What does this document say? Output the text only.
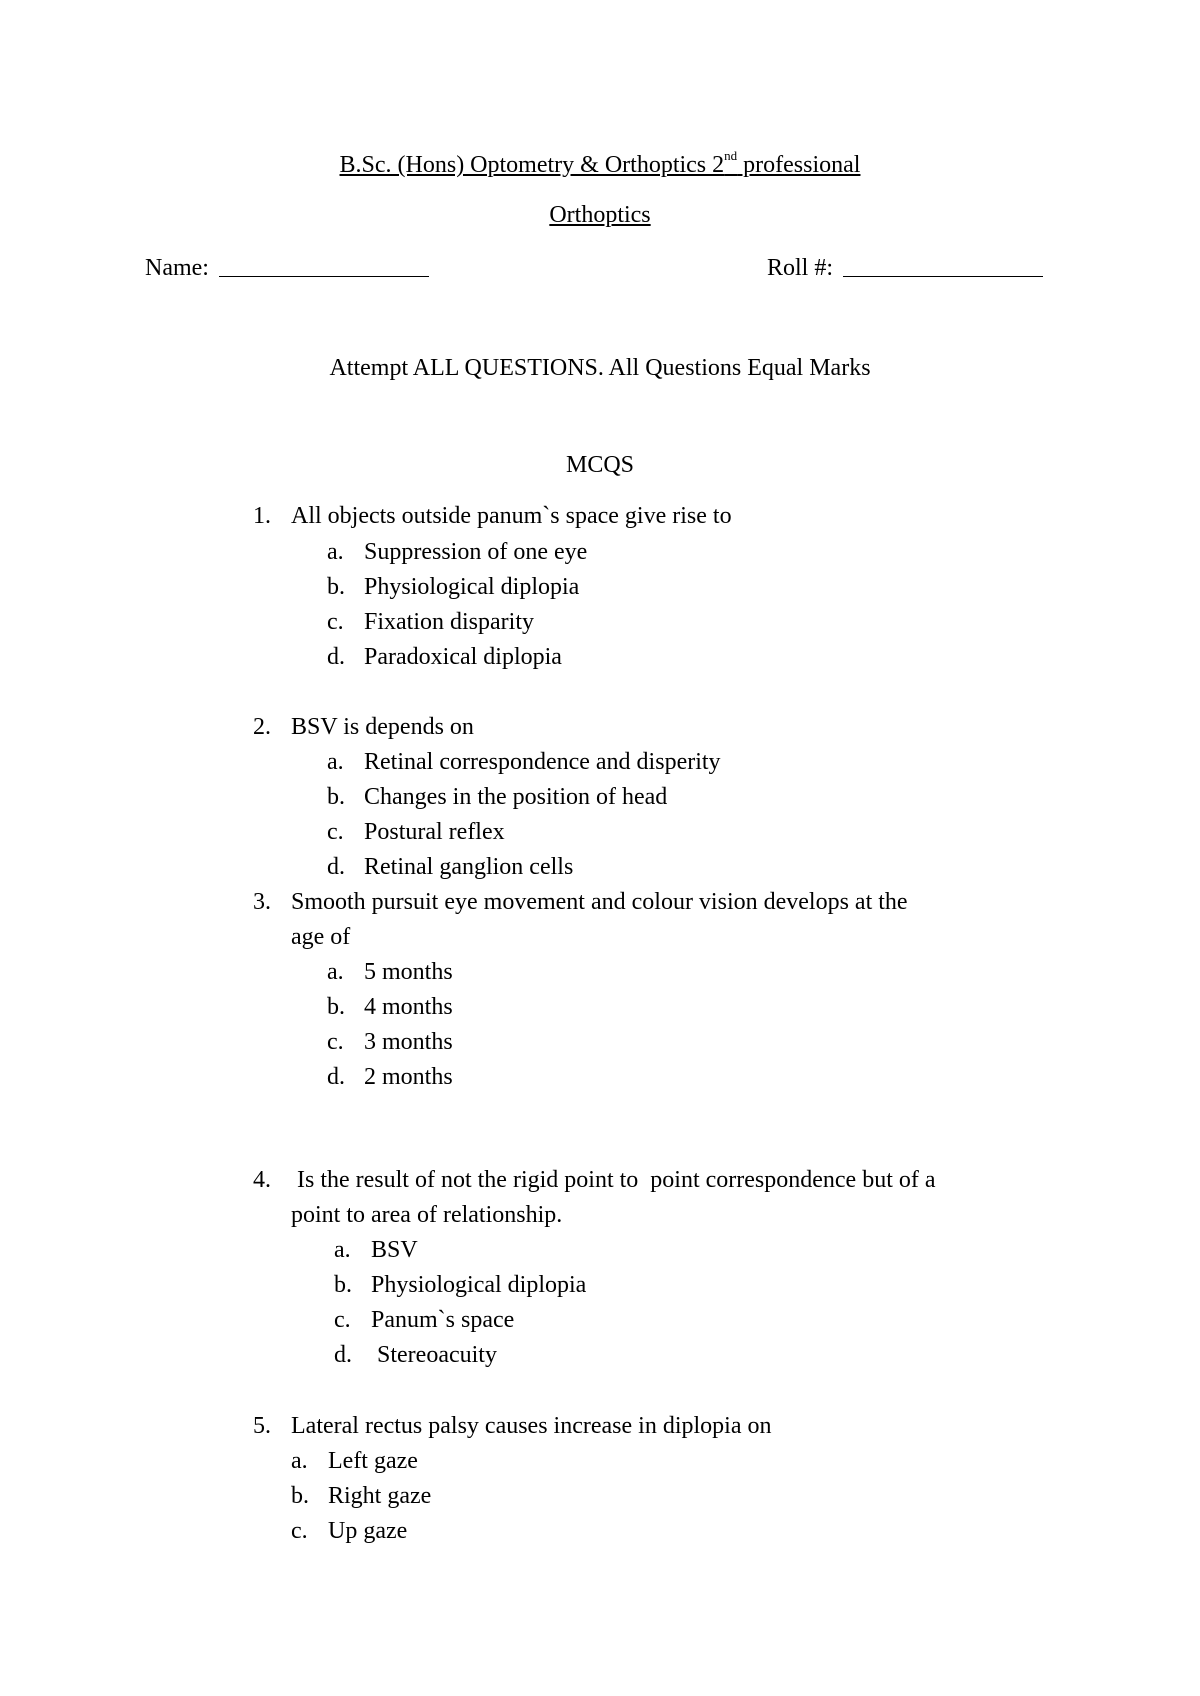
B.Sc. (Hons) Optometry & Orthoptics 2nd professional
Orthoptics
Name:	Roll #:
Attempt ALL QUESTIONS. All Questions Equal Marks
MCQS
1. All objects outside panum`s space give rise to
a. Suppression of one eye
b. Physiological diplopia
c. Fixation disparity
d. Paradoxical diplopia
2. BSV is depends on
a. Retinal correspondence and disperity
b. Changes in the position of head
c. Postural reflex
d. Retinal ganglion cells
3. Smooth pursuit eye movement and colour vision develops at the
age of
a. 5 months
b. 4 months
c. 3 months
d. 2 months
4. Is the result of not the rigid point to  point correspondence but of a
point to area of relationship.
a. BSV
b. Physiological diplopia
c. Panum`s space
d. Stereoacuity
5. Lateral rectus palsy causes increase in diplopia on
a. Left gaze
b. Right gaze
c. Up gaze
